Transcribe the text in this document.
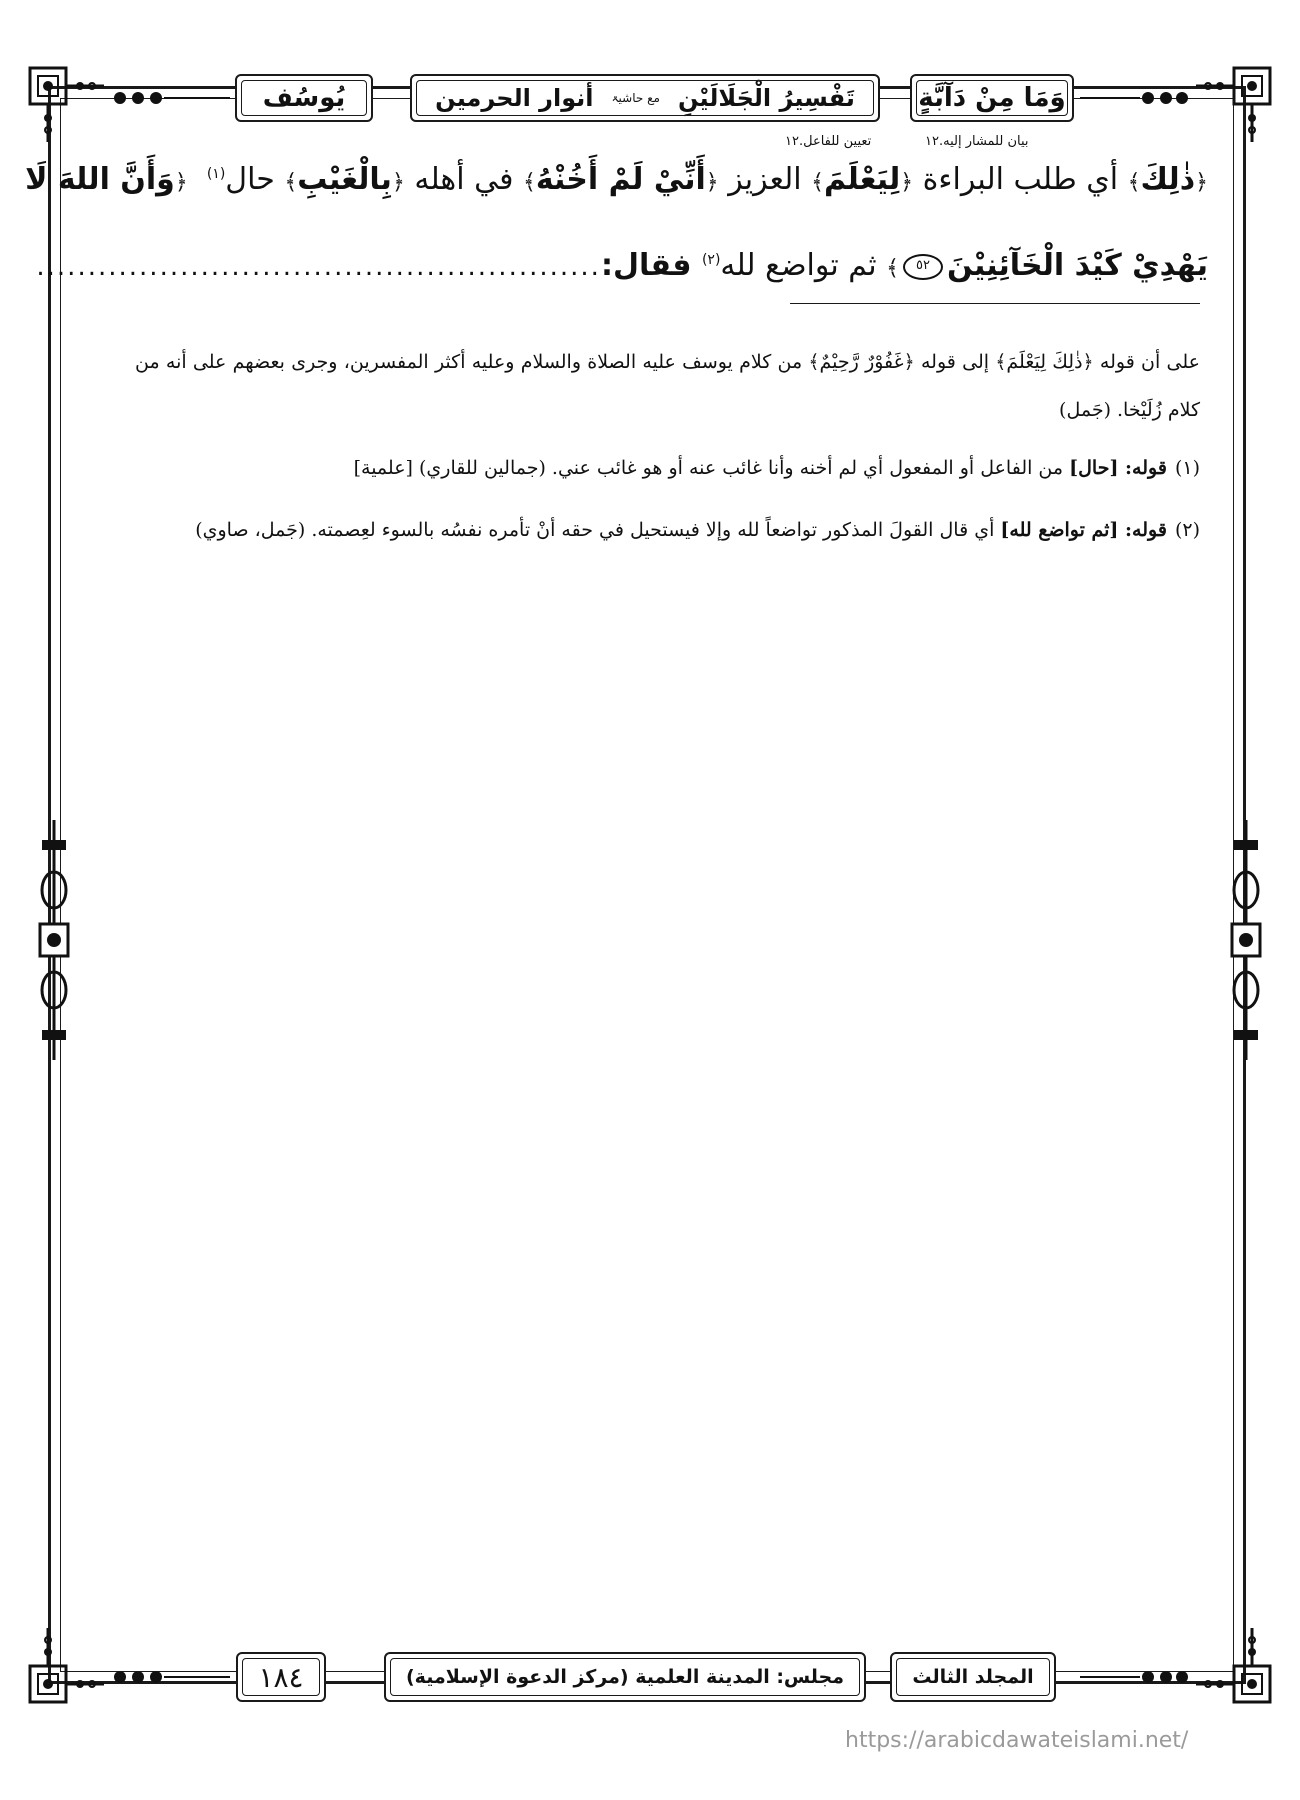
وَمَا مِنْ دَآبَّةٍ
تَفْسِيرُ الْجَلَالَيْنِ
مع حاشيۃ
أنوار الحرمين
يُوسُف
بيان للمشار إليه.١٢
تعيين للفاعل.١٢
﴿ذٰلِكَ﴾ أي طلب البراءة ﴿لِيَعْلَمَ﴾ العزيز ﴿أَنِّيْ لَمْ أَخُنْهُ﴾ في أهله ﴿بِالْغَيْبِ﴾ حال$^{(١)}$  ﴿وَأَنَّ اللهَ لَا
يَهْدِيْ كَيْدَ الْخَآئِنِيْنَ٥٢﴾ ثم تواضع لله$^{(٢)}$ فقال:.......................................................
على أن قوله ﴿ذٰلِكَ لِيَعْلَمَ﴾ إلى قوله ﴿غَفُوْرٌ رَّحِيْمٌ﴾ من كلام يوسف عليه الصلاة والسلام وعليه أكثر المفسرين، وجرى بعضهم على أنه من كلام زُلَيْخا. (جَمل)
(١)قوله: [حال] من الفاعل أو المفعول أي لم أخنه وأنا غائب عنه أو هو غائب عني. (جمالين للقاري) [علمية]
(٢)قوله: [ثم تواضع لله] أي قال القولَ المذكور تواضعاً لله وإلا فيستحيل في حقه أنْ تأمره نفسُه بالسوء لعِصمته. (جَمل، صاوي)
المجلد الثالث
مجلس: المدينة العلمية (مركز الدعوة الإسلامية)
١٨٤
https://arabicdawateislami.net/
